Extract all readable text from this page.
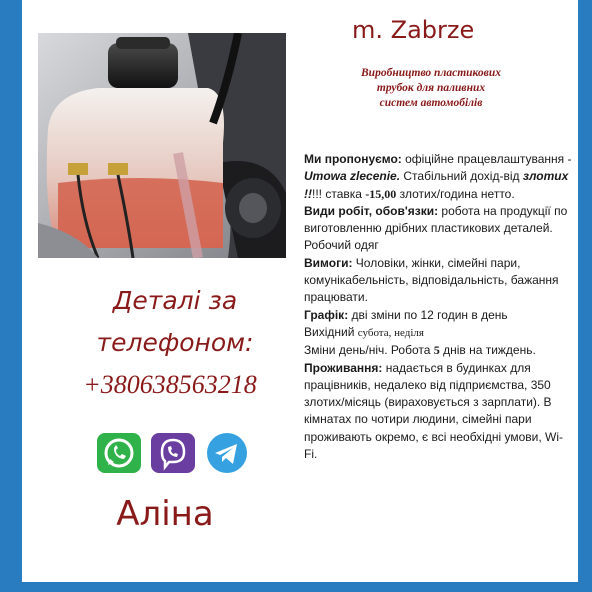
m. Zabrze
Виробництво пластикових
трубок для паливних
систем автомобілів

Ми пропонуємо: офіційне працевлаштування - Umowa zlecenie. Стабільний дохід-від злотих !!!!! ставка -15,00 злотих/година нетто.

Види робіт, обов'язки: робота на продукції по виготовленню дрібних пластикових деталей. Робочий одяг

Вимоги: Чоловіки, жінки, сімейні пари, комунікабельність, відповідальність, бажання працювати.

Графік: дві зміни по 12 годин в день
Вихідний субота, неділя
Зміни день/ніч. Робота 5 днів на тиждень.

Проживання: надається в будинках для працівників, недалеко від підприємства, 350 злотих/місяць (вираховується з зарплати). В кімнатах по чотири людини, сімейні пари проживають окремо, є всі необхідні умови, Wi-Fi.

Деталі за
телефоном:
+380638563218
Аліна
